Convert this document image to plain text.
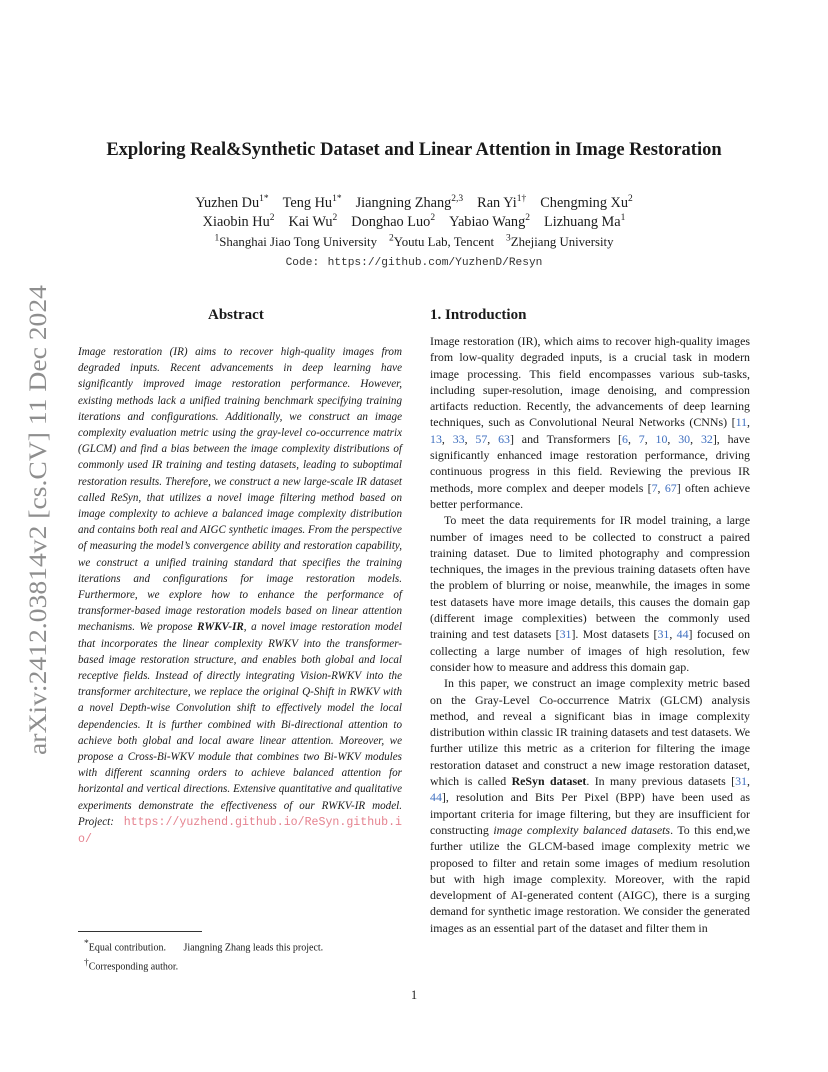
arXiv:2412.03814v2 [cs.CV] 11 Dec 2024
Exploring Real&Synthetic Dataset and Linear Attention in Image Restoration
Yuzhen $Du^{1*}$ Teng $Hu^{1*}$ Jiangning Zhang$^{2,3}$ Ran $Yi^{1\dagger}$ Chengming Xu$^2$
Xiaobin Hu$^2$ Kai Wu$^2$ Donghao Luo$^2$ Yabiao Wang$^2$ Lizhuang Ma$^1$
$^1$Shanghai Jiao Tong University $^2$Youtu Lab, Tencent $^3$Zhejiang University
Code: https://github.com/YuzhenD/Resyn
Abstract	1. Introduction
Image restoration (IR) aims to recover high-quality images from degraded inputs. Recent advancements in deep learning have significantly improved image restoration performance. However, existing methods lack a unified training benchmark specifying training iterations and configurations. Additionally, we construct an image complexity evaluation metric using the gray-level co-occurrence matrix (GLCM) and find a bias between the image complexity distributions of commonly used IR training and testing datasets, leading to suboptimal restoration results. Therefore, we construct a new large-scale IR dataset called ReSyn, that utilizes a novel image filtering method based on image complexity to achieve a balanced image complexity distribution and contains both real and AIGC synthetic images. From the perspective of measuring the model’s convergence ability and restoration capability, we construct a unified training standard that specifies the training iterations and configurations for image restoration models. Furthermore, we explore how to enhance the performance of transformer-based image restoration models based on linear attention mechanisms. We propose RWKV-IR, a novel image restoration model that incorporates the linear complexity RWKV into the transformer-based image restoration structure, and enables both global and local receptive fields. Instead of directly integrating Vision-RWKV into the transformer architecture, we replace the original Q-Shift in RWKV with a novel Depth-wise Convolution shift to effectively model the local dependencies. It is further combined with Bi-directional attention to achieve both global and local aware linear attention. Moreover, we propose a Cross-Bi-WKV module that combines two Bi-WKV modules with different scanning orders to achieve balanced attention for horizontal and vertical directions. Extensive quantitative and qualitative experiments demonstrate the effectiveness of our RWKV-IR model. Project: https://yuzhend.github.io/ReSyn.github.io/

Image restoration (IR), which aims to recover high-quality images from low-quality degraded inputs, is a crucial task in modern image processing. This field encompasses various sub-tasks, including super-resolution, image denoising, and compression artifacts reduction. Recently, the advancements of deep learning techniques, such as Convolutional Neural Networks (CNNs) [11, 13, 33, 57, 63] and Transformers [6, 7, 10, 30, 32], have significantly enhanced image restoration performance, driving continuous progress in this field. Reviewing the previous IR methods, more complex and deeper models [7, 67] often achieve better performance.

To meet the data requirements for IR model training, a large number of images need to be collected to construct a paired training dataset. Due to limited photography and compression techniques, the images in the previous training datasets often have the problem of blurring or noise, meanwhile, the images in some test datasets have more image details, this causes the domain gap (different image complexities) between the commonly used training and test datasets [31]. Most datasets [31, 44] focused on collecting a large number of images of high resolution, few consider how to measure and address this domain gap.

In this paper, we construct an image complexity metric based on the Gray-Level Co-occurrence Matrix (GLCM) analysis method, and reveal a significant bias in image complexity distribution within classic IR training datasets and test datasets. We further utilize this metric as a criterion for filtering the image restoration dataset and construct a new image restoration dataset, which is called ReSyn dataset. In many previous datasets [31, 44], resolution and Bits Per Pixel (BPP) have been used as important criteria for image filtering, but they are insufficient for constructing image complexity balanced datasets. To this end,we further utilize the GLCM-based image complexity metric we proposed to filter and retain some images of medium resolution but with high image complexity. Moreover, with the rapid development of AI-generated content (AIGC), there is a surging demand for synthetic image restoration. We consider the generated images as an essential part of the dataset and filter them in

*Equal contribution. Jiangning Zhang leads this project.
†Corresponding author.
1
